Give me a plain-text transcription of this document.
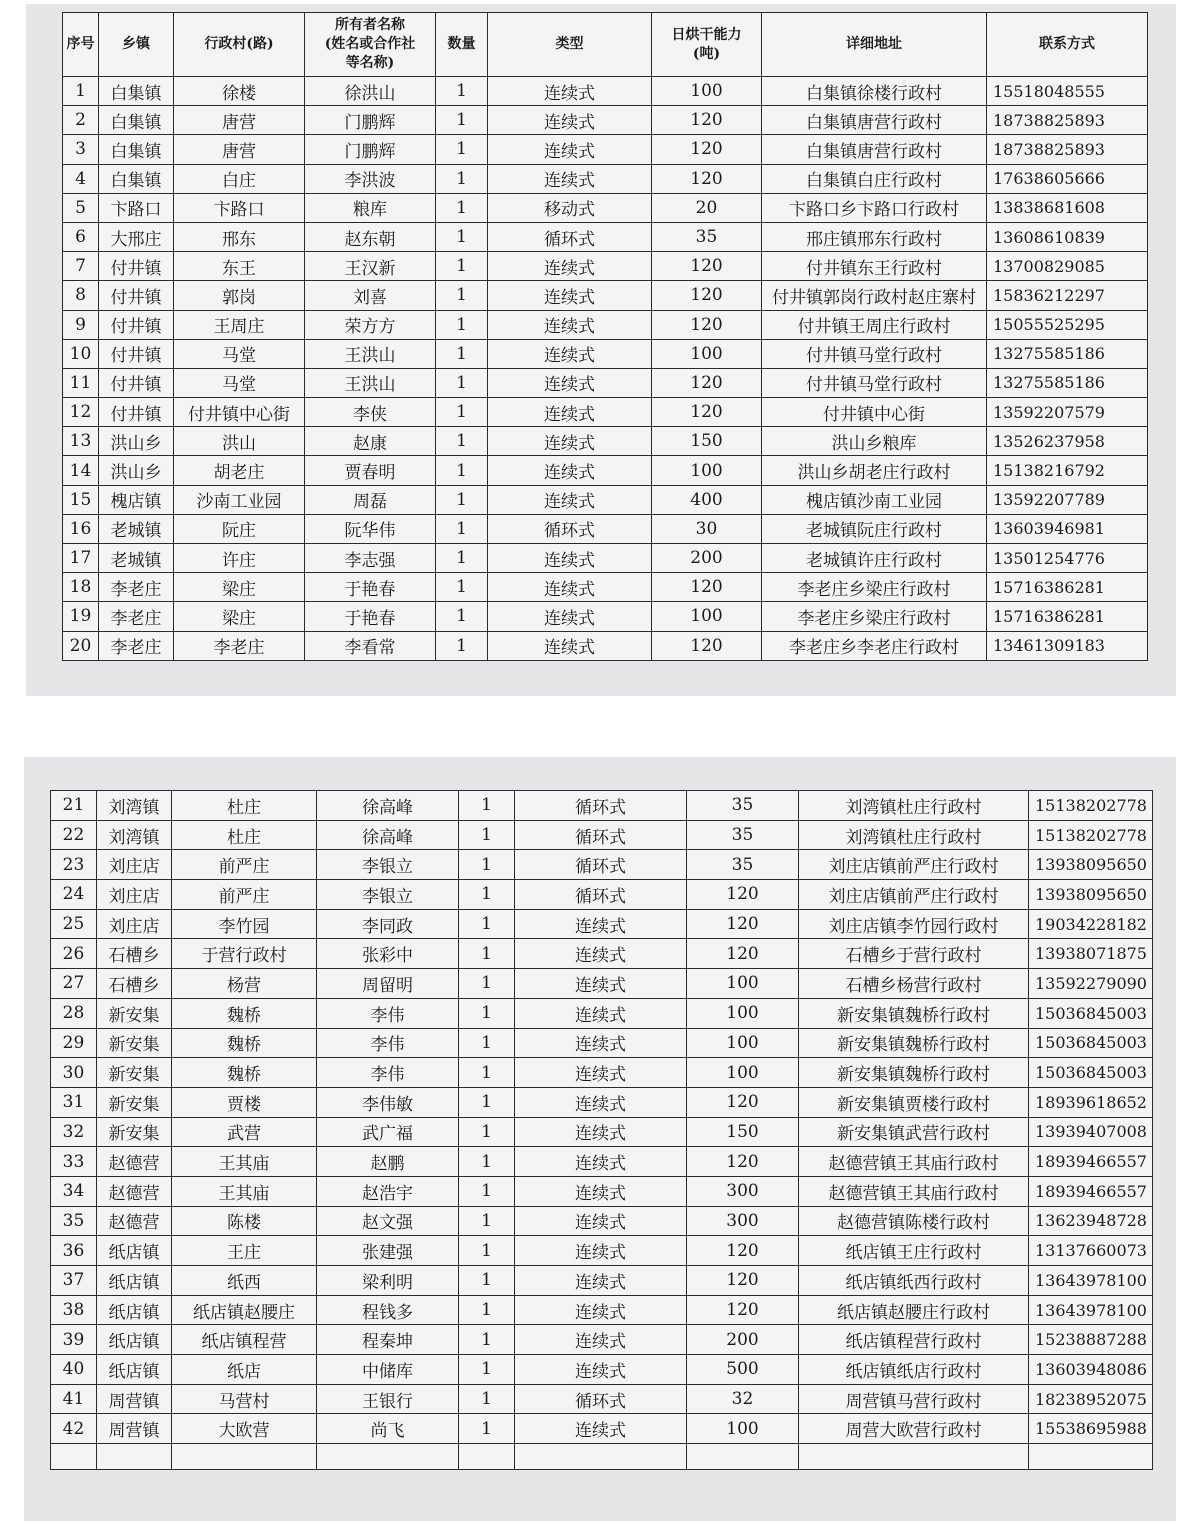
序号	乡镇	行政村(路)	所有者名称
(姓名或合作社
等名称)	数量	类型	日烘干能力
(吨)	详细地址	联系方式
1	白集镇	徐楼	徐洪山	1	连续式	100	白集镇徐楼行政村	15518048555
2	白集镇	唐营	门鹏辉	1	连续式	120	白集镇唐营行政村	18738825893
3	白集镇	唐营	门鹏辉	1	连续式	120	白集镇唐营行政村	18738825893
4	白集镇	白庄	李洪波	1	连续式	120	白集镇白庄行政村	17638605666
5	卞路口	卞路口	粮库	1	移动式	20	卞路口乡卞路口行政村	13838681608
6	大邢庄	邢东	赵东朝	1	循环式	35	邢庄镇邢东行政村	13608610839
7	付井镇	东王	王汉新	1	连续式	120	付井镇东王行政村	13700829085
8	付井镇	郭岗	刘喜	1	连续式	120	付井镇郭岗行政村赵庄寨村	15836212297
9	付井镇	王周庄	荣方方	1	连续式	120	付井镇王周庄行政村	15055525295
10	付井镇	马堂	王洪山	1	连续式	100	付井镇马堂行政村	13275585186
11	付井镇	马堂	王洪山	1	连续式	120	付井镇马堂行政村	13275585186
12	付井镇	付井镇中心街	李侠	1	连续式	120	付井镇中心街	13592207579
13	洪山乡	洪山	赵康	1	连续式	150	洪山乡粮库	13526237958
14	洪山乡	胡老庄	贾春明	1	连续式	100	洪山乡胡老庄行政村	15138216792
15	槐店镇	沙南工业园	周磊	1	连续式	400	槐店镇沙南工业园	13592207789
16	老城镇	阮庄	阮华伟	1	循环式	30	老城镇阮庄行政村	13603946981
17	老城镇	许庄	李志强	1	连续式	200	老城镇许庄行政村	13501254776
18	李老庄	梁庄	于艳春	1	连续式	120	李老庄乡梁庄行政村	15716386281
19	李老庄	梁庄	于艳春	1	连续式	100	李老庄乡梁庄行政村	15716386281
20	李老庄	李老庄	李看常	1	连续式	120	李老庄乡李老庄行政村	13461309183
21	刘湾镇	杜庄	徐高峰	1	循环式	35	刘湾镇杜庄行政村	15138202778
22	刘湾镇	杜庄	徐高峰	1	循环式	35	刘湾镇杜庄行政村	15138202778
23	刘庄店	前严庄	李银立	1	循环式	35	刘庄店镇前严庄行政村	13938095650
24	刘庄店	前严庄	李银立	1	循环式	120	刘庄店镇前严庄行政村	13938095650
25	刘庄店	李竹园	李同政	1	连续式	120	刘庄店镇李竹园行政村	19034228182
26	石槽乡	于营行政村	张彩中	1	连续式	120	石槽乡于营行政村	13938071875
27	石槽乡	杨营	周留明	1	连续式	100	石槽乡杨营行政村	13592279090
28	新安集	魏桥	李伟	1	连续式	100	新安集镇魏桥行政村	15036845003
29	新安集	魏桥	李伟	1	连续式	100	新安集镇魏桥行政村	15036845003
30	新安集	魏桥	李伟	1	连续式	100	新安集镇魏桥行政村	15036845003
31	新安集	贾楼	李伟敏	1	连续式	120	新安集镇贾楼行政村	18939618652
32	新安集	武营	武广福	1	连续式	150	新安集镇武营行政村	13939407008
33	赵德营	王其庙	赵鹏	1	连续式	120	赵德营镇王其庙行政村	18939466557
34	赵德营	王其庙	赵浩宇	1	连续式	300	赵德营镇王其庙行政村	18939466557
35	赵德营	陈楼	赵文强	1	连续式	300	赵德营镇陈楼行政村	13623948728
36	纸店镇	王庄	张建强	1	连续式	120	纸店镇王庄行政村	13137660073
37	纸店镇	纸西	梁利明	1	连续式	120	纸店镇纸西行政村	13643978100
38	纸店镇	纸店镇赵腰庄	程钱多	1	连续式	120	纸店镇赵腰庄行政村	13643978100
39	纸店镇	纸店镇程营	程秦坤	1	连续式	200	纸店镇程营行政村	15238887288
40	纸店镇	纸店	中储库	1	连续式	500	纸店镇纸店行政村	13603948086
41	周营镇	马营村	王银行	1	循环式	32	周营镇马营行政村	18238952075
42	周营镇	大欧营	尚飞	1	连续式	100	周营大欧营行政村	15538695988
